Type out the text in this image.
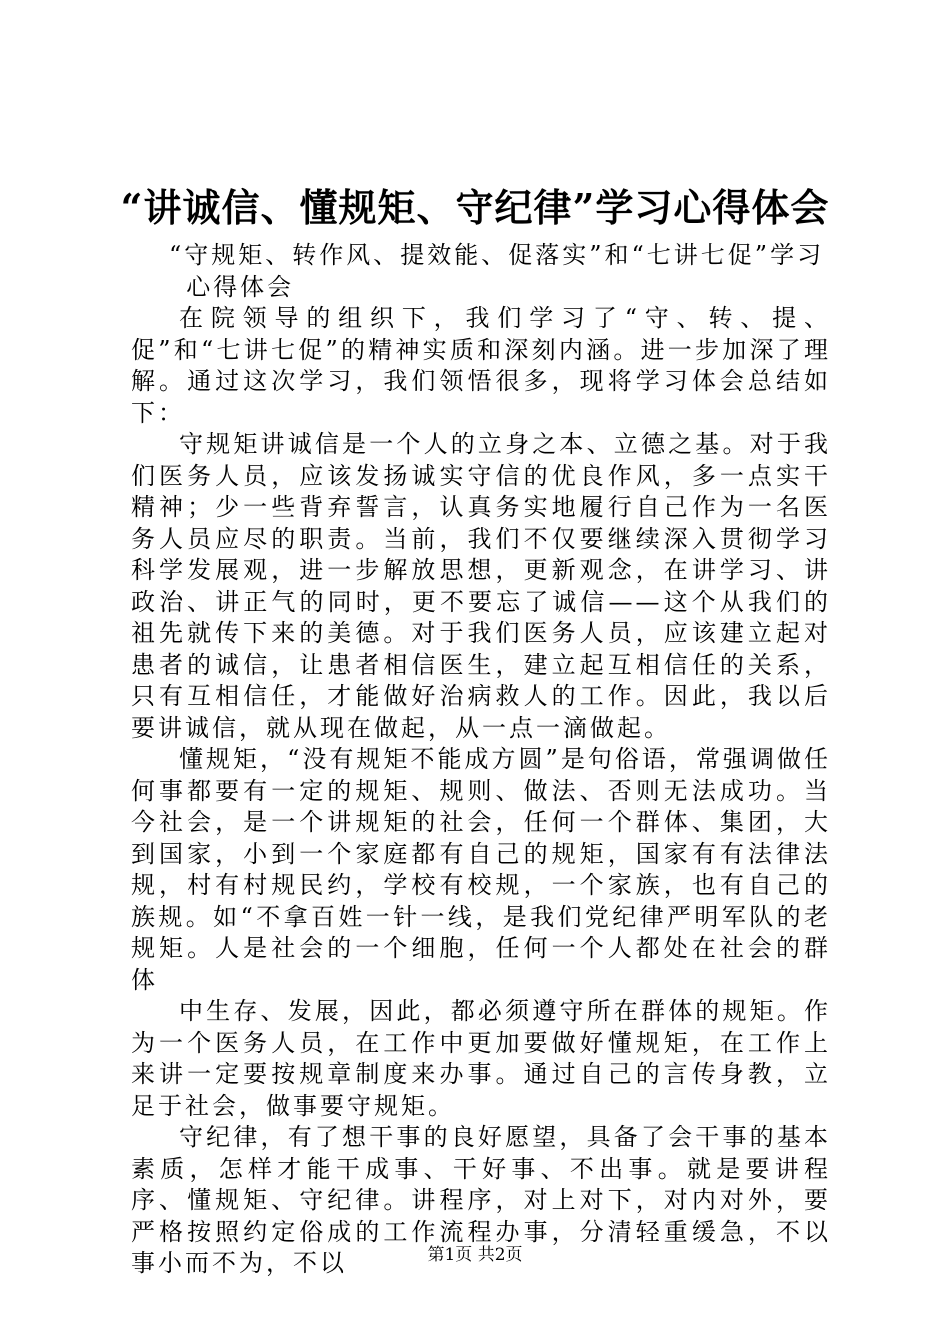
“讲诚信、懂规矩、守纪律”学习心得体会

“守规矩、转作风、提效能、促落实”和“七讲七促”学习

心得体会

在院领导的组织下，我们学习了“守、转、提、促”和“七讲七促”的精神实质和深刻内涵。进一步加深了理解。通过这次学习，我们领悟很多，现将学习体会总结如下：

守规矩讲诚信是一个人的立身之本、立德之基。对于我们医务人员，应该发扬诚实守信的优良作风，多一点实干精神；少一些背弃誓言，认真务实地履行自己作为一名医务人员应尽的职责。当前，我们不仅要继续深入贯彻学习科学发展观，进一步解放思想，更新观念，在讲学习、讲政治、讲正气的同时，更不要忘了诚信——这个从我们的祖先就传下来的美德。对于我们医务人员，应该建立起对患者的诚信，让患者相信医生，建立起互相信任的关系，只有互相信任，才能做好治病救人的工作。因此，我以后要讲诚信，就从现在做起，从一点一滴做起。

懂规矩，“没有规矩不能成方圆”是句俗语，常强调做任何事都要有一定的规矩、规则、做法、否则无法成功。当今社会，是一个讲规矩的社会，任何一个群体、集团，大到国家，小到一个家庭都有自己的规矩，国家有有法律法规，村有村规民约，学校有校规，一个家族，也有自己的族规。如“不拿百姓一针一线，是我们党纪律严明军队的老规矩。人是社会的一个细胞，任何一个人都处在社会的群体

中生存、发展，因此，都必须遵守所在群体的规矩。作为一个医务人员，在工作中更加要做好懂规矩，在工作上来讲一定要按规章制度来办事。通过自己的言传身教，立足于社会，做事要守规矩。

守纪律，有了想干事的良好愿望，具备了会干事的基本素质，怎样才能干成事、干好事、不出事。就是要讲程序、懂规矩、守纪律。讲程序，对上对下，对内对外，要严格按照约定俗成的工作流程办事，分清轻重缓急，不以事小而不为，不以	第1页 共2页
